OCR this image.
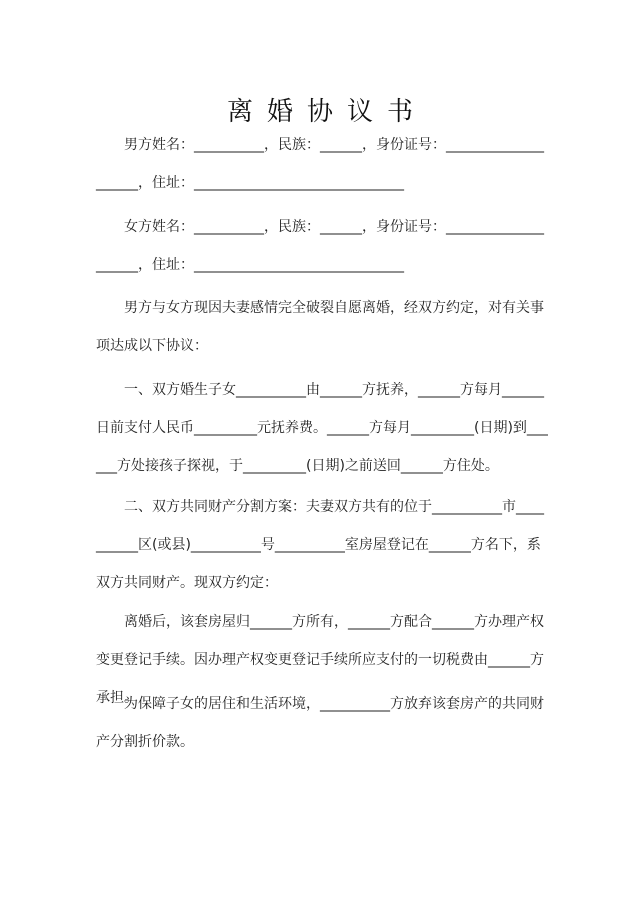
离婚协议书

男方姓名：__________，民族：______，身份证号：____________________，住址：______________________________

女方姓名：__________，民族：______，身份证号：____________________，住址：______________________________

男方与女方现因夫妻感情完全破裂自愿离婚，经双方约定，对有关事项达成以下协议：

一、双方婚生子女__________由______方抚养，______方每月______日前支付人民币_________元抚养费。______方每月_________(日期)到______方处接孩子探视，于_________(日期)之前送回______方住处。

二、双方共同财产分割方案：夫妻双方共有的位于__________市__________区(或县)__________号__________室房屋登记在______方名下，系双方共同财产。现双方约定：

离婚后，该套房屋归______方所有，______方配合______方办理产权变更登记手续。因办理产权变更登记手续所应支付的一切税费由______方承担。

为保障子女的居住和生活环境，__________方放弃该套房产的共同财产分割折价款。
